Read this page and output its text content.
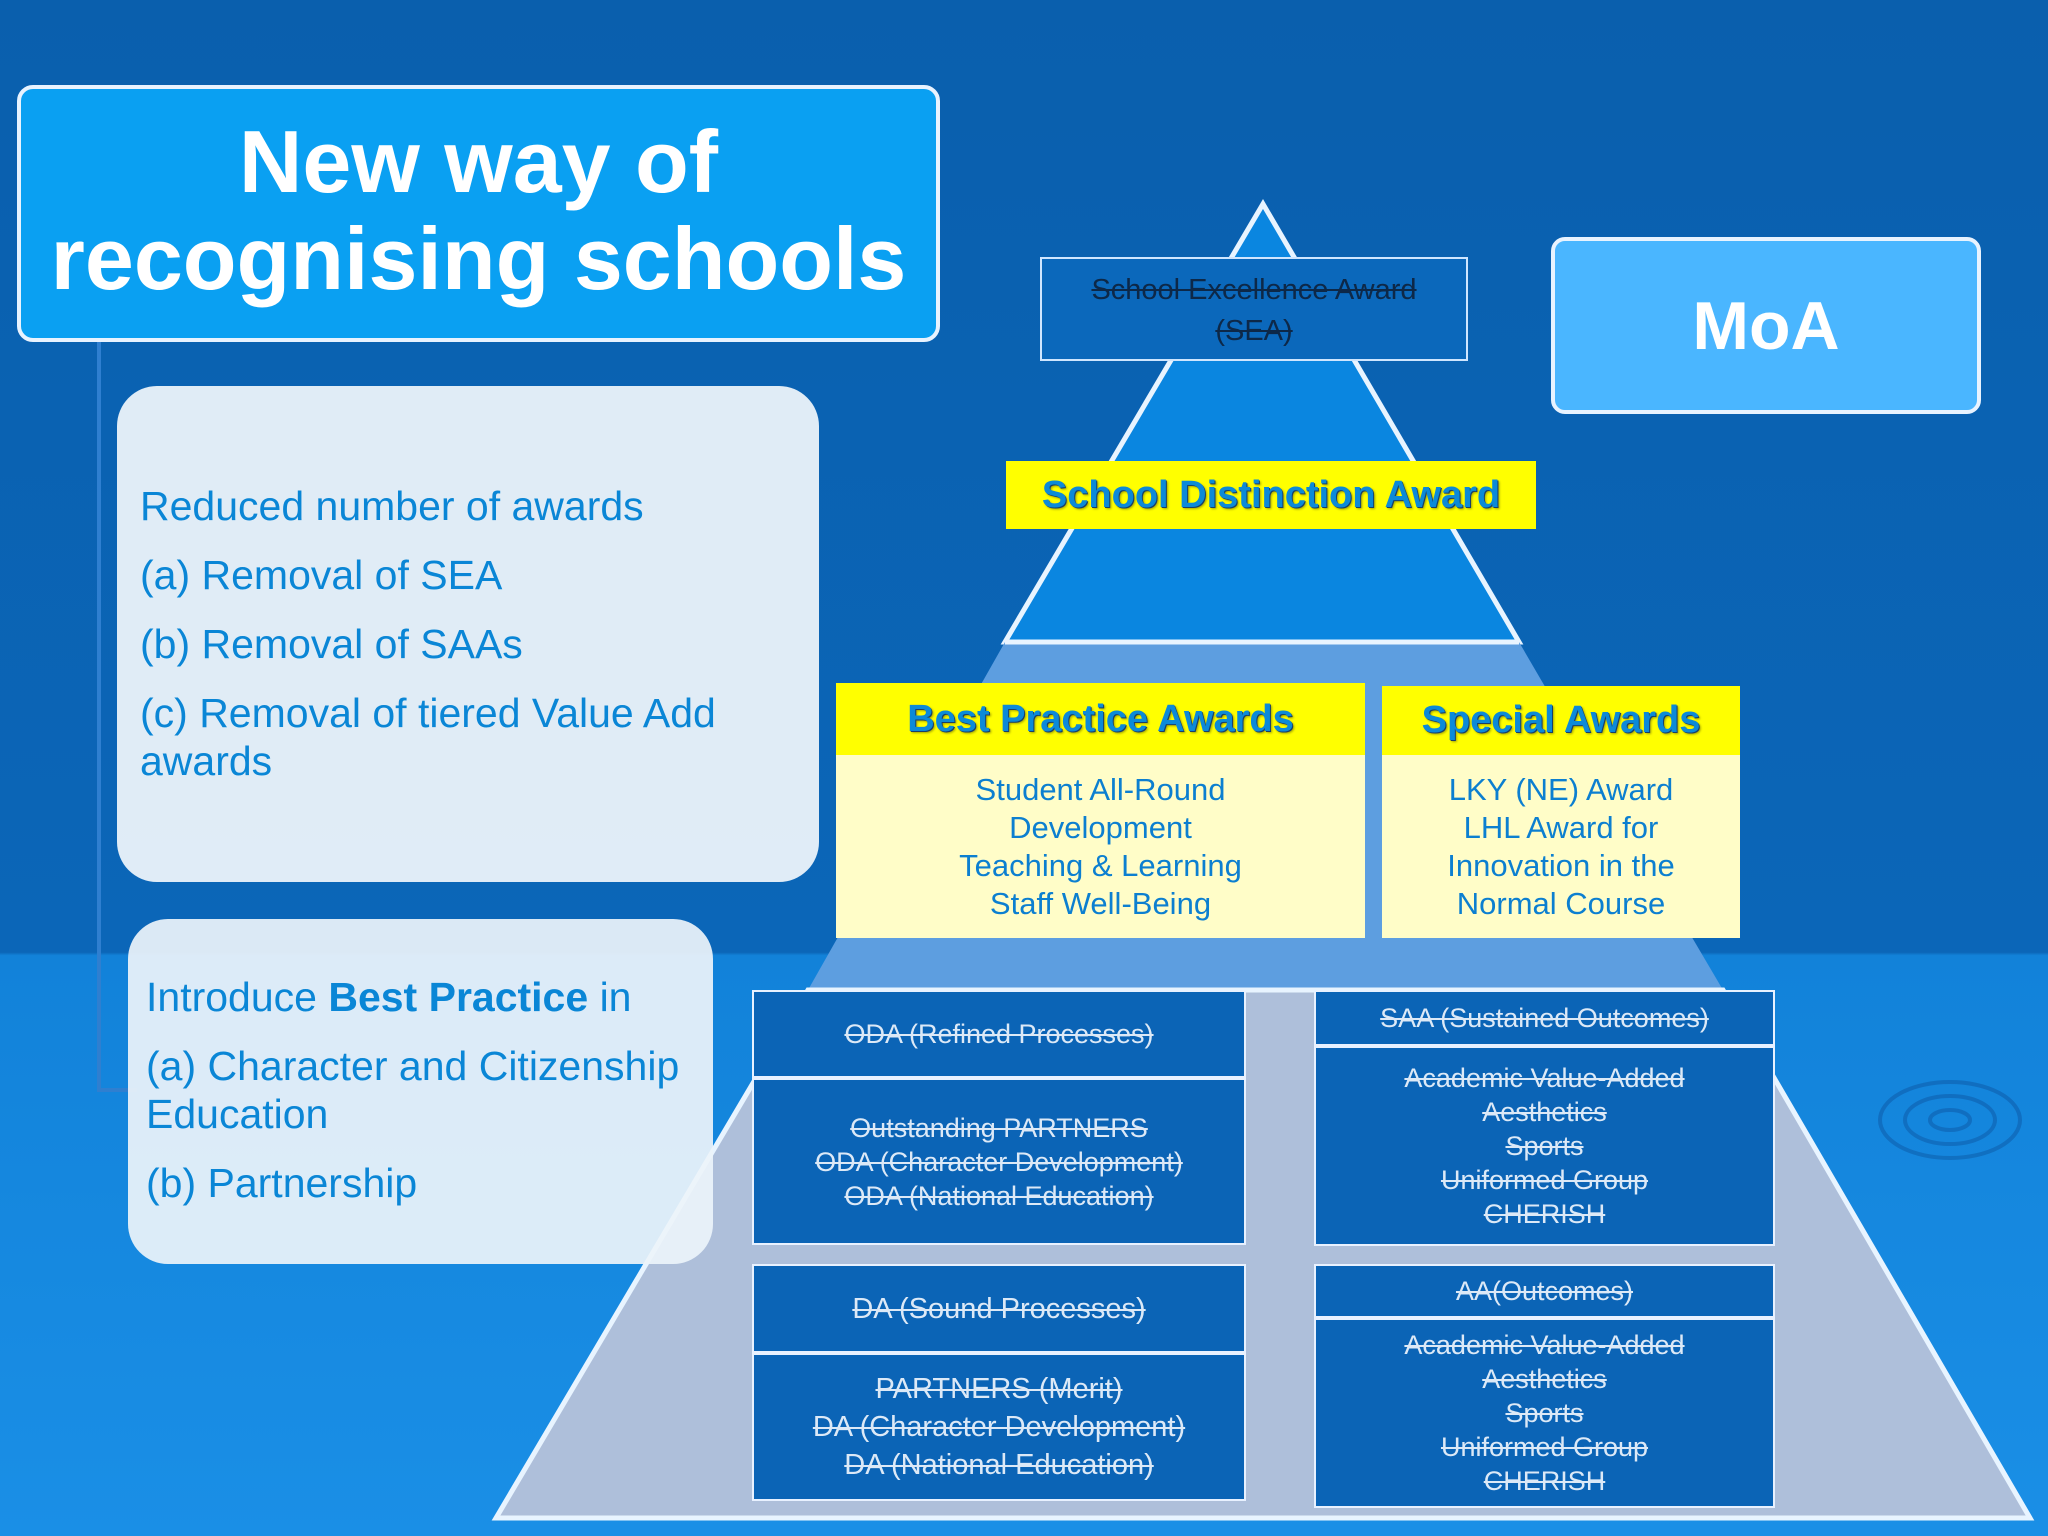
New way of recognising schools
MoA

Reduced number of awards

(a) Removal of SEA

(b) Removal of SAAs

(c) Removal of tiered Value Add awards

Introduce Best Practice in

(a) Character and Citizenship Education

(b) Partnership

School Excellence Award
(SEA)
School Distinction Award
Best Practice Awards
Student All-Round
Development
Teaching & Learning
Staff Well-Being
Special Awards
LKY (NE) Award
LHL Award for
Innovation in the
Normal Course
ODA (Refined Processes)
Outstanding PARTNERS
ODA (Character Development)
ODA (National Education)
SAA (Sustained Outcomes)
Academic Value-Added
Aesthetics
Sports
Uniformed Group
CHERISH
DA (Sound Processes)
PARTNERS (Merit)
DA (Character Development)
DA (National Education)
AA(Outcomes)
Academic Value-Added
Aesthetics
Sports
Uniformed Group
CHERISH
